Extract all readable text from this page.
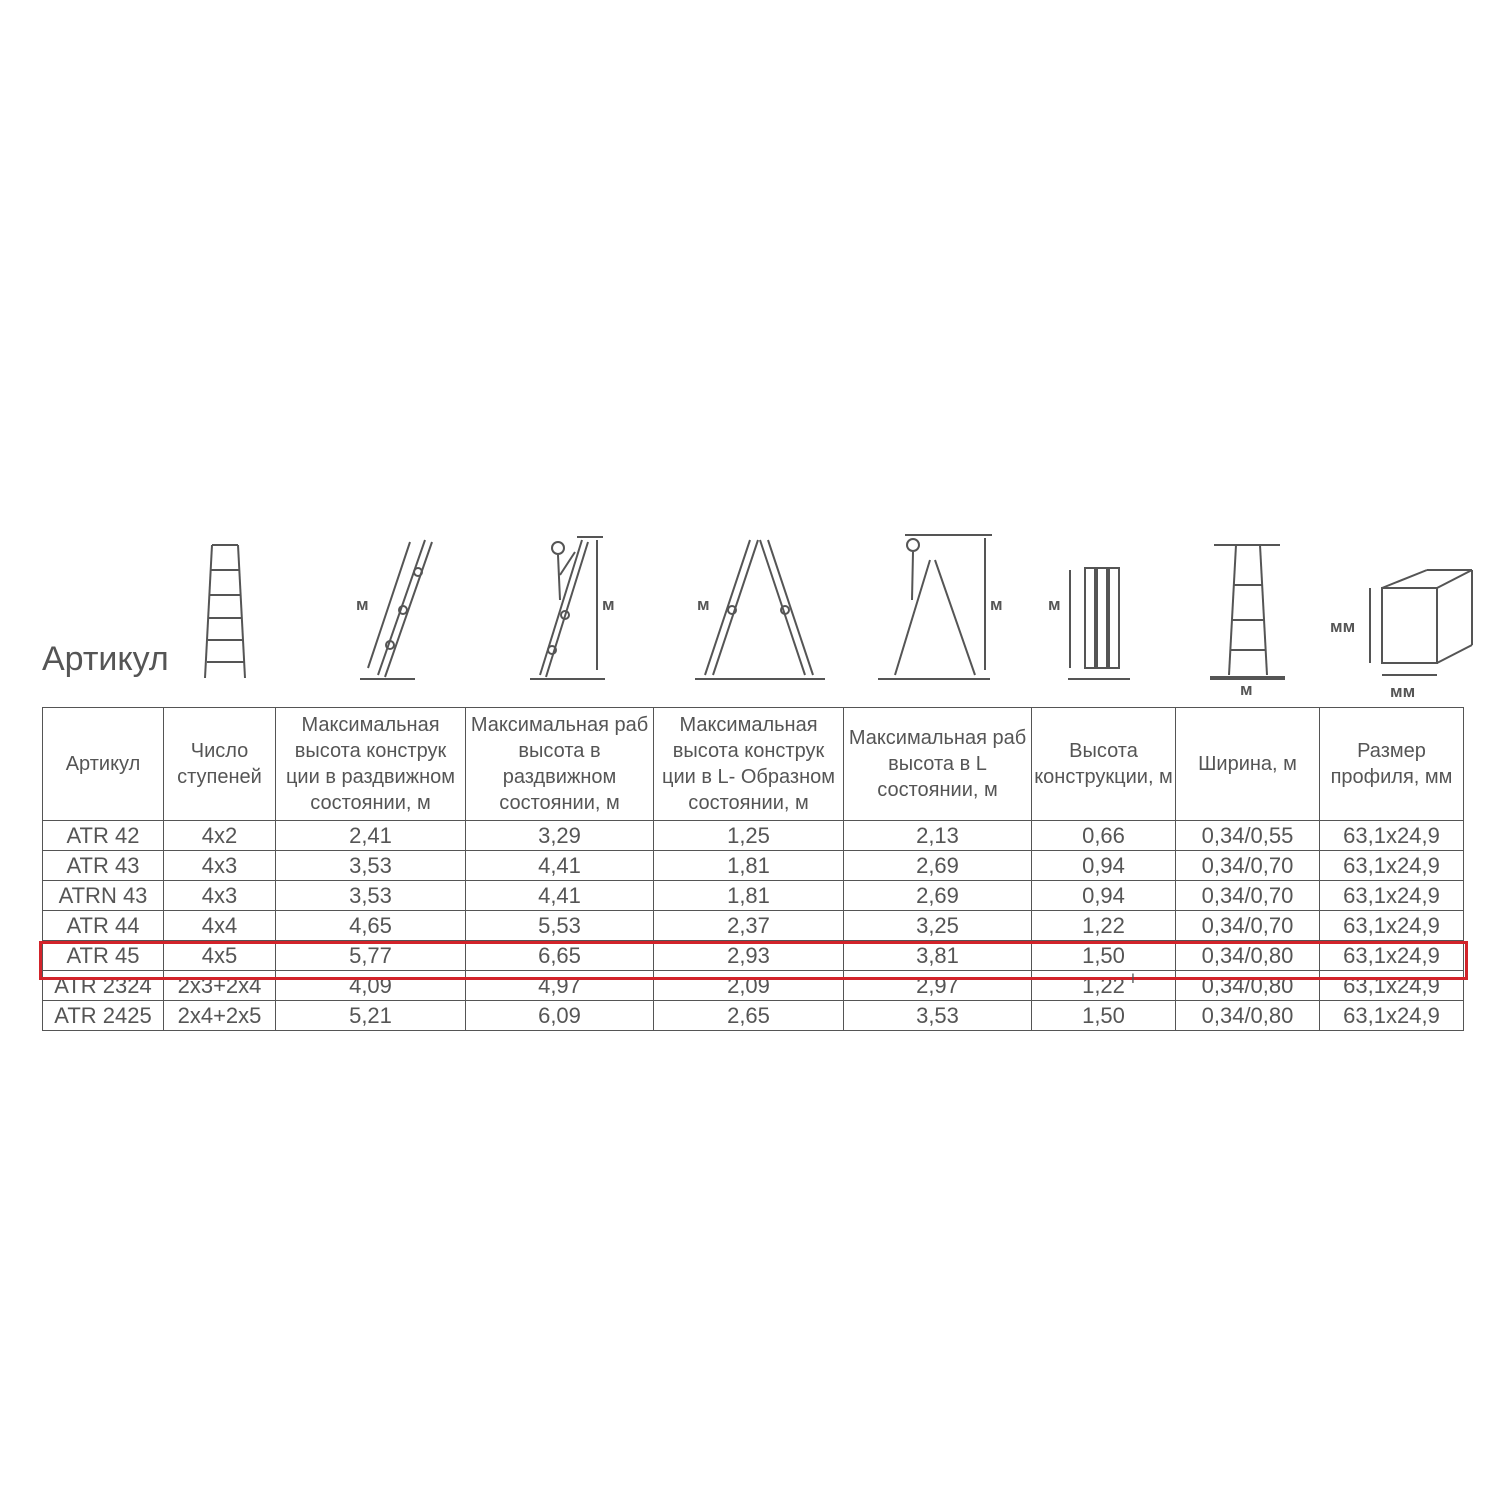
Артикул
м	м	м	м	м
м
мм
мм
Артикул	Число ступеней	Максимальная высота конструк ции в раздвижном состоянии, м	Максимальная раб высота в раздвижном состоянии, м	Максимальная высота конструк ции в L- Образном состоянии, м	Максимальная раб высота в L состоянии, м	Высота конструкции, м	Ширина, м	Размер профиля, мм
ATR 42	4x2	2,41	3,29	1,25	2,13	0,66	0,34/0,55	63,1x24,9
ATR 43	4x3	3,53	4,41	1,81	2,69	0,94	0,34/0,70	63,1x24,9
ATRN 43	4x3	3,53	4,41	1,81	2,69	0,94	0,34/0,70	63,1x24,9
ATR 44	4x4	4,65	5,53	2,37	3,25	1,22	0,34/0,70	63,1x24,9
ATR 45	4x5	5,77	6,65	2,93	3,81	1,50	0,34/0,80	63,1x24,9
ATR 2324	2x3+2x4	4,09	4,97	2,09	2,97	1,22	0,34/0,80	63,1x24,9
ATR 2425	2x4+2x5	5,21	6,09	2,65	3,53	1,50	0,34/0,80	63,1x24,9
I
